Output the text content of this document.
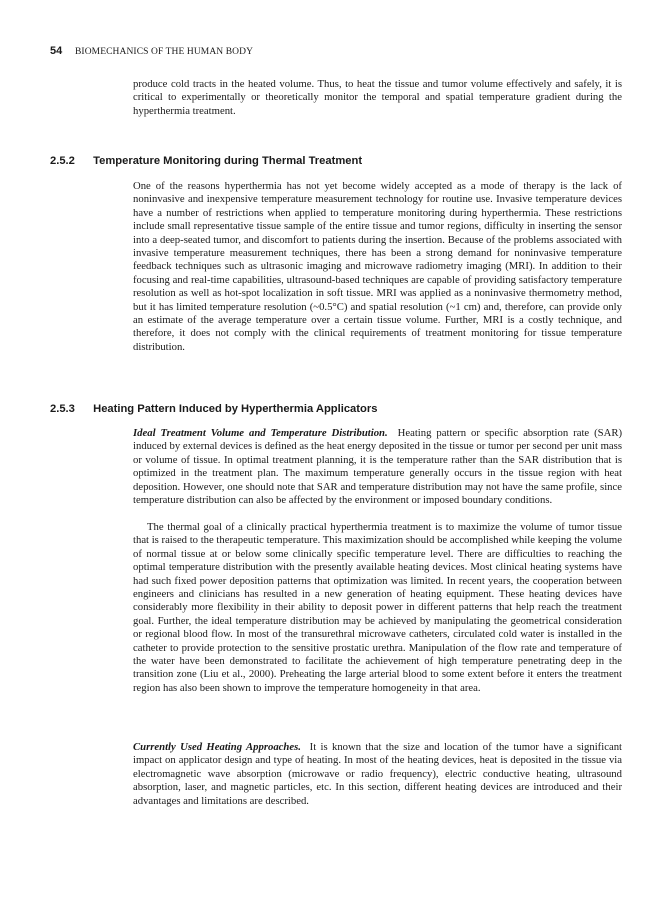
54 BIOMECHANICS OF THE HUMAN BODY

produce cold tracts in the heated volume. Thus, to heat the tissue and tumor volume effectively and safely, it is critical to experimentally or theoretically monitor the temporal and spatial temperature gradient during the hyperthermia treatment.

2.5.2 Temperature Monitoring during Thermal Treatment

One of the reasons hyperthermia has not yet become widely accepted as a mode of therapy is the lack of noninvasive and inexpensive temperature measurement technology for routine use. Invasive temperature devices have a number of restrictions when applied to temperature monitoring during hyperthermia. These restrictions include small representative tissue sample of the entire tissue and tumor regions, difficulty in inserting the sensor into a deep-seated tumor, and discomfort to patients during the insertion. Because of the problems associated with invasive temperature measurement techniques, there has been a strong demand for noninvasive temperature feedback techniques such as ultrasonic imaging and microwave radiometry imaging (MRI). In addition to their focusing and real-time capabilities, ultrasound-based techniques are capable of providing satisfactory temperature resolution as well as hot-spot localization in soft tissue. MRI was applied as a noninvasive thermometry method, but it has limited temperature resolution (~0.5°C) and spatial resolution (~1 cm) and, therefore, can provide only an estimate of the average temperature over a certain tissue volume. Further, MRI is a costly technique, and therefore, it does not comply with the clinical requirements of treatment monitoring for tissue temperature distribution.

2.5.3 Heating Pattern Induced by Hyperthermia Applicators

Ideal Treatment Volume and Temperature Distribution. Heating pattern or specific absorption rate (SAR) induced by external devices is defined as the heat energy deposited in the tissue or tumor per second per unit mass or volume of tissue. In optimal treatment planning, it is the temperature rather than the SAR distribution that is optimized in the treatment plan. The maximum temperature generally occurs in the tissue region with heat deposition. However, one should note that SAR and temperature distribution may not have the same profile, since temperature distribution can also be affected by the environment or imposed boundary conditions.

The thermal goal of a clinically practical hyperthermia treatment is to maximize the volume of tumor tissue that is raised to the therapeutic temperature. This maximization should be accomplished while keeping the volume of normal tissue at or below some clinically specific temperature level. There are difficulties to reaching the optimal temperature distribution with the presently available heating devices. Most clinical heating systems have had such fixed power deposition patterns that optimization was limited. In recent years, the cooperation between engineers and clinicians has resulted in a new generation of heating equipment. These heating devices have considerably more flexibility in their ability to deposit power in different patterns that help reach the treatment goal. Further, the ideal temperature distribution may be achieved by manipulating the geometrical consideration or regional blood flow. In most of the transurethral microwave catheters, circulated cold water is installed in the catheter to provide protection to the sensitive prostatic urethra. Manipulation of the flow rate and temperature of the water have been demonstrated to facilitate the achievement of high temperature penetrating deep in the transition zone (Liu et al., 2000). Preheating the large arterial blood to some extent before it enters the treatment region has also been shown to improve the temperature homogeneity in that area.

Currently Used Heating Approaches. It is known that the size and location of the tumor have a significant impact on applicator design and type of heating. In most of the heating devices, heat is deposited in the tissue via electromagnetic wave absorption (microwave or radio frequency), electric conductive heating, ultrasound absorption, laser, and magnetic particles, etc. In this section, different heating devices are introduced and their advantages and limitations are described.
